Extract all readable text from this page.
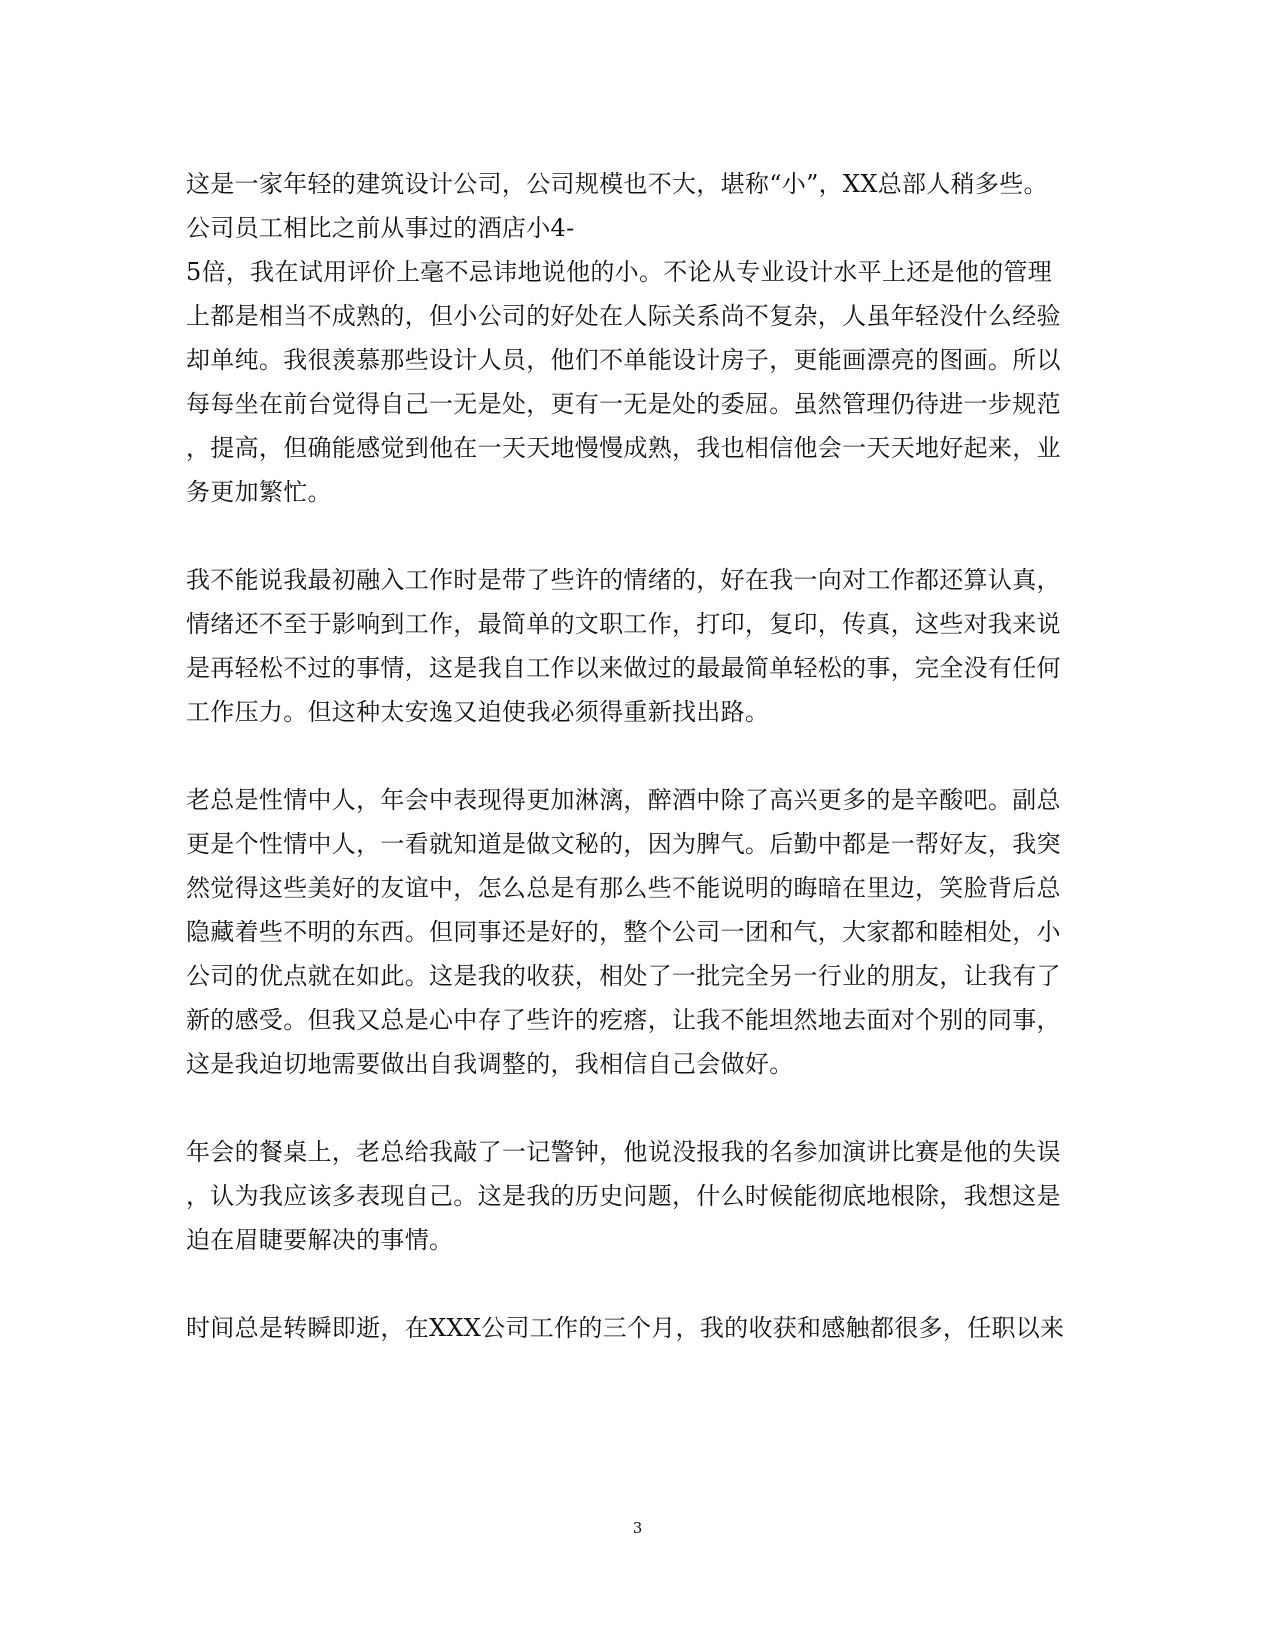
这是一家年轻的建筑设计公司，公司规模也不大，堪称“小”，XX总部人稍多些。
公司员工相比之前从事过的酒店小4-
5倍，我在试用评价上毫不忌讳地说他的小。不论从专业设计水平上还是他的管理
上都是相当不成熟的，但小公司的好处在人际关系尚不复杂，人虽年轻没什么经验
却单纯。我很羡慕那些设计人员，他们不单能设计房子，更能画漂亮的图画。所以
每每坐在前台觉得自己一无是处，更有一无是处的委屈。虽然管理仍待进一步规范
，提高，但确能感觉到他在一天天地慢慢成熟，我也相信他会一天天地好起来，业
务更加繁忙。
我不能说我最初融入工作时是带了些许的情绪的，好在我一向对工作都还算认真，
情绪还不至于影响到工作，最简单的文职工作，打印，复印，传真，这些对我来说
是再轻松不过的事情，这是我自工作以来做过的最最简单轻松的事，完全没有任何
工作压力。但这种太安逸又迫使我必须得重新找出路。
老总是性情中人，年会中表现得更加淋漓，醉酒中除了高兴更多的是辛酸吧。副总
更是个性情中人，一看就知道是做文秘的，因为脾气。后勤中都是一帮好友，我突
然觉得这些美好的友谊中，怎么总是有那么些不能说明的晦暗在里边，笑脸背后总
隐藏着些不明的东西。但同事还是好的，整个公司一团和气，大家都和睦相处，小
公司的优点就在如此。这是我的收获，相处了一批完全另一行业的朋友，让我有了
新的感受。但我又总是心中存了些许的疙瘩，让我不能坦然地去面对个别的同事，
这是我迫切地需要做出自我调整的，我相信自己会做好。
年会的餐桌上，老总给我敲了一记警钟，他说没报我的名参加演讲比赛是他的失误
，认为我应该多表现自己。这是我的历史问题，什么时候能彻底地根除，我想这是
迫在眉睫要解决的事情。
时间总是转瞬即逝，在XXX公司工作的三个月，我的收获和感触都很多，任职以来
3
